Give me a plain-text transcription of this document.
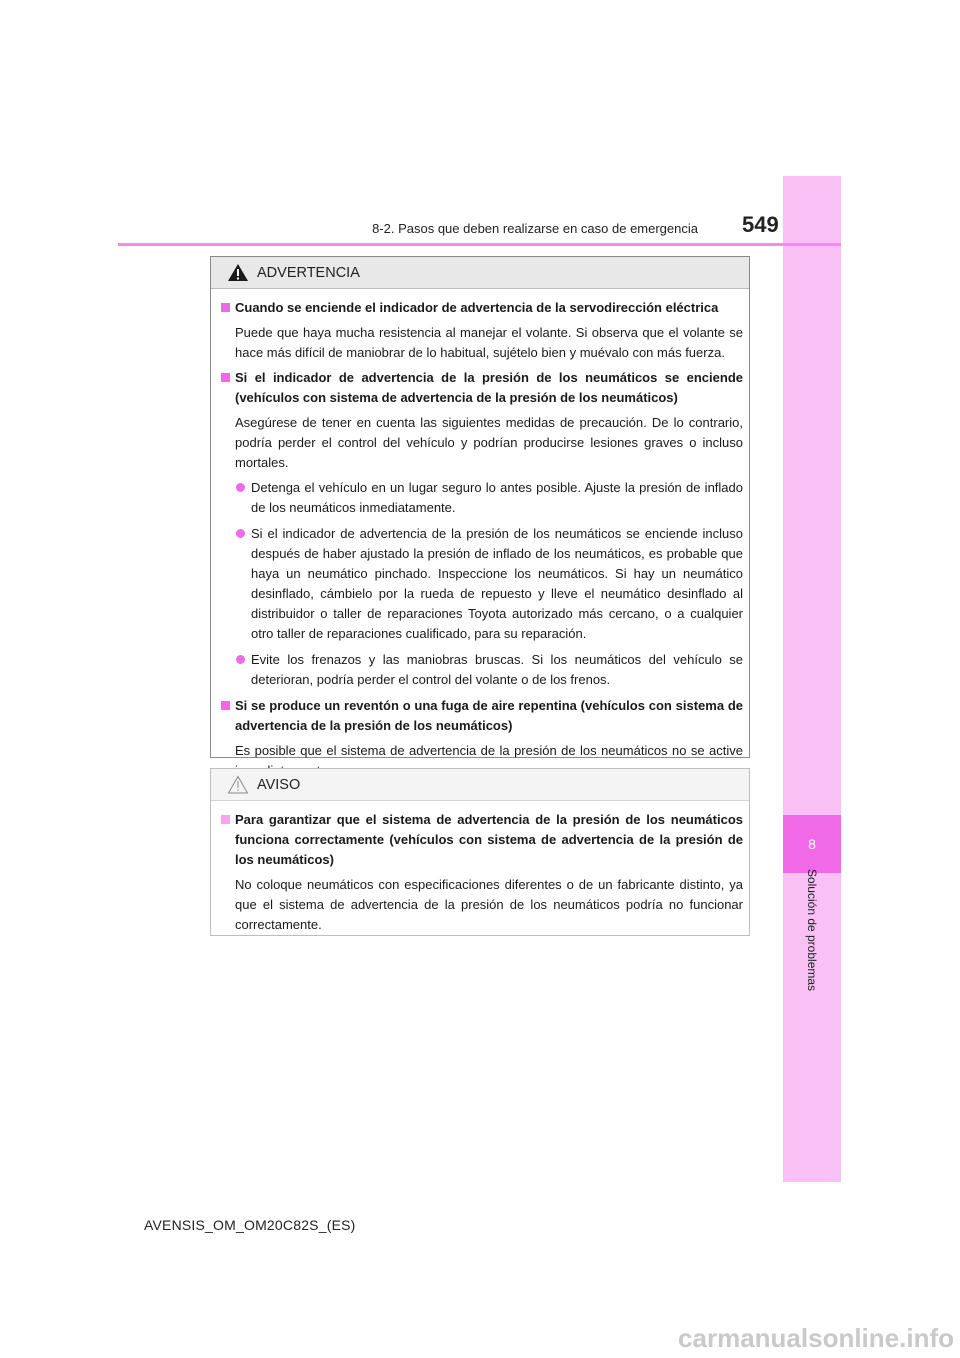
8
Solución de problemas
8-2. Pasos que deben realizarse en caso de emergencia 549
ADVERTENCIA
Cuando se enciende el indicador de advertencia de la servodirección eléctrica
Puede que haya mucha resistencia al manejar el volante. Si observa que el volante se hace más difícil de maniobrar de lo habitual, sujételo bien y muévalo con más fuerza.
Si el indicador de advertencia de la presión de los neumáticos se enciende (vehículos con sistema de advertencia de la presión de los neumáticos)
Asegúrese de tener en cuenta las siguientes medidas de precaución. De lo contrario, podría perder el control del vehículo y podrían producirse lesiones graves o incluso mortales.
Detenga el vehículo en un lugar seguro lo antes posible. Ajuste la presión de inflado de los neumáticos inmediatamente.
Si el indicador de advertencia de la presión de los neumáticos se enciende incluso después de haber ajustado la presión de inflado de los neumáticos, es probable que haya un neumático pinchado. Inspeccione los neumáticos. Si hay un neumático desinflado, cámbielo por la rueda de repuesto y lleve el neumático desinflado al distribuidor o taller de reparaciones Toyota autorizado más cercano, o a cualquier otro taller de reparaciones cualificado, para su reparación.
Evite los frenazos y las maniobras bruscas. Si los neumáticos del vehículo se deterioran, podría perder el control del volante o de los frenos.
Si se produce un reventón o una fuga de aire repentina (vehículos con sistema de advertencia de la presión de los neumáticos)
Es posible que el sistema de advertencia de la presión de los neumáticos no se active
AVISO
Para garantizar que el sistema de advertencia de la presión de los neumáticos funciona correctamente (vehículos con sistema de advertencia de la presión de los neumáticos)
No coloque neumáticos con especificaciones diferentes o de un fabricante distinto, ya que el sistema de advertencia de la presión de los neumáticos podría no funcionar correctamente.
AVENSIS_OM_OM20C82S_(ES)
carmanualsonline.info
